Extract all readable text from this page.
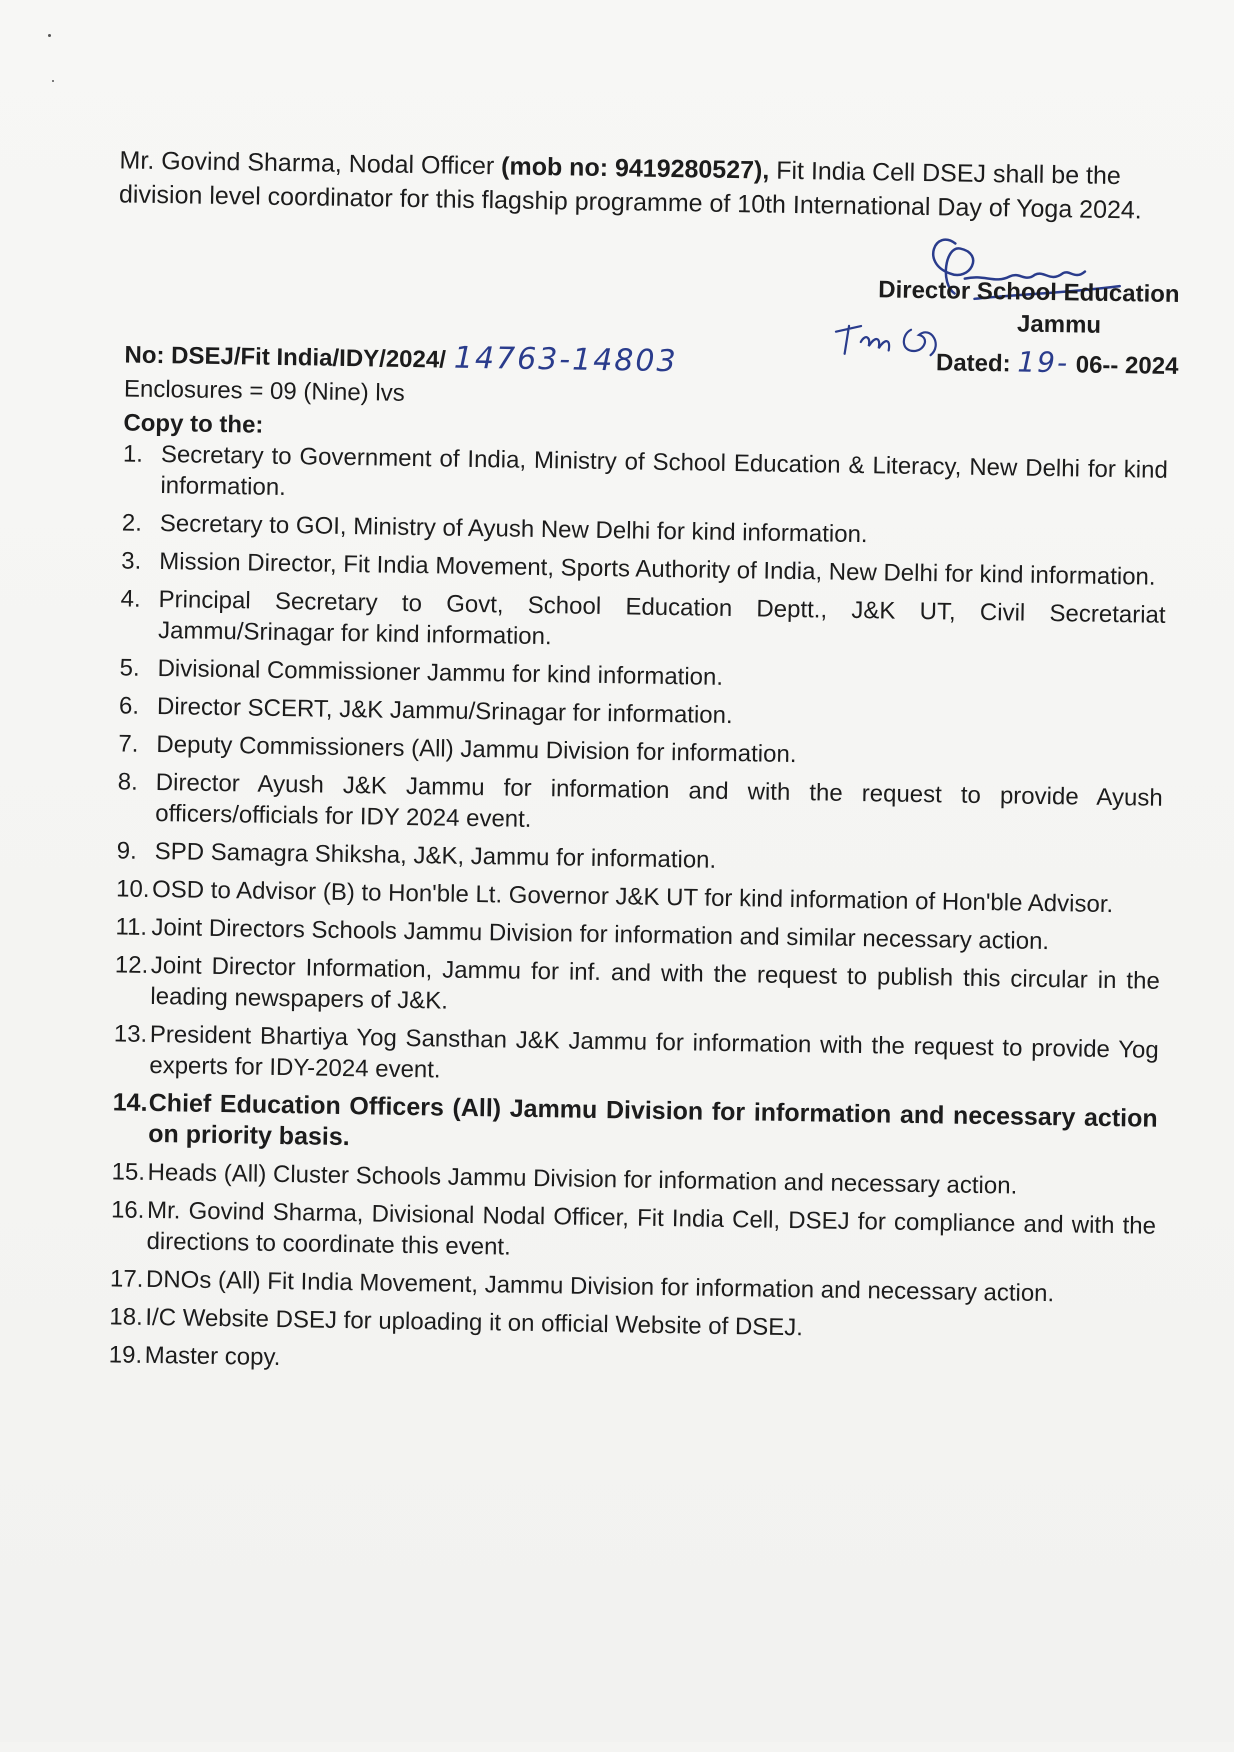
Mr. Govind Sharma, Nodal Officer (mob no: 9419280527), Fit India Cell DSEJ shall be the division level coordinator for this flagship programme of 10th International Day of Yoga 2024.

Director School Education
Jammu
Dated: 19- 06-- 2024
No: DSEJ/Fit India/IDY/2024/ 14763-14803
Enclosures = 09 (Nine) lvs
Copy to the:
1. Secretary to Government of India, Ministry of School Education & Literacy, New Delhi for kind information.
2. Secretary to GOI, Ministry of Ayush New Delhi for kind information.
3. Mission Director, Fit India Movement, Sports Authority of India, New Delhi for kind information.
4. Principal Secretary to Govt, School Education Deptt., J&K UT, Civil Secretariat Jammu/Srinagar for kind information.
5. Divisional Commissioner Jammu for kind information.
6. Director SCERT, J&K Jammu/Srinagar for information.
7. Deputy Commissioners (All) Jammu Division for information.
8. Director Ayush J&K Jammu for information and with the request to provide Ayush officers/officials for IDY 2024 event.
9. SPD Samagra Shiksha, J&K, Jammu for information.
10. OSD to Advisor (B) to Hon'ble Lt. Governor J&K UT for kind information of Hon'ble Advisor.
11. Joint Directors Schools Jammu Division for information and similar necessary action.
12. Joint Director Information, Jammu for inf. and with the request to publish this circular in the leading newspapers of J&K.
13. President Bhartiya Yog Sansthan J&K Jammu for information with the request to provide Yog experts for IDY-2024 event.
14. Chief Education Officers (All) Jammu Division for information and necessary action on priority basis.
15. Heads (All) Cluster Schools Jammu Division for information and necessary action.
16. Mr. Govind Sharma, Divisional Nodal Officer, Fit India Cell, DSEJ for compliance and with the directions to coordinate this event.
17. DNOs (All) Fit India Movement, Jammu Division for information and necessary action.
18. I/C Website DSEJ for uploading it on official Website of DSEJ.
19. Master copy.
